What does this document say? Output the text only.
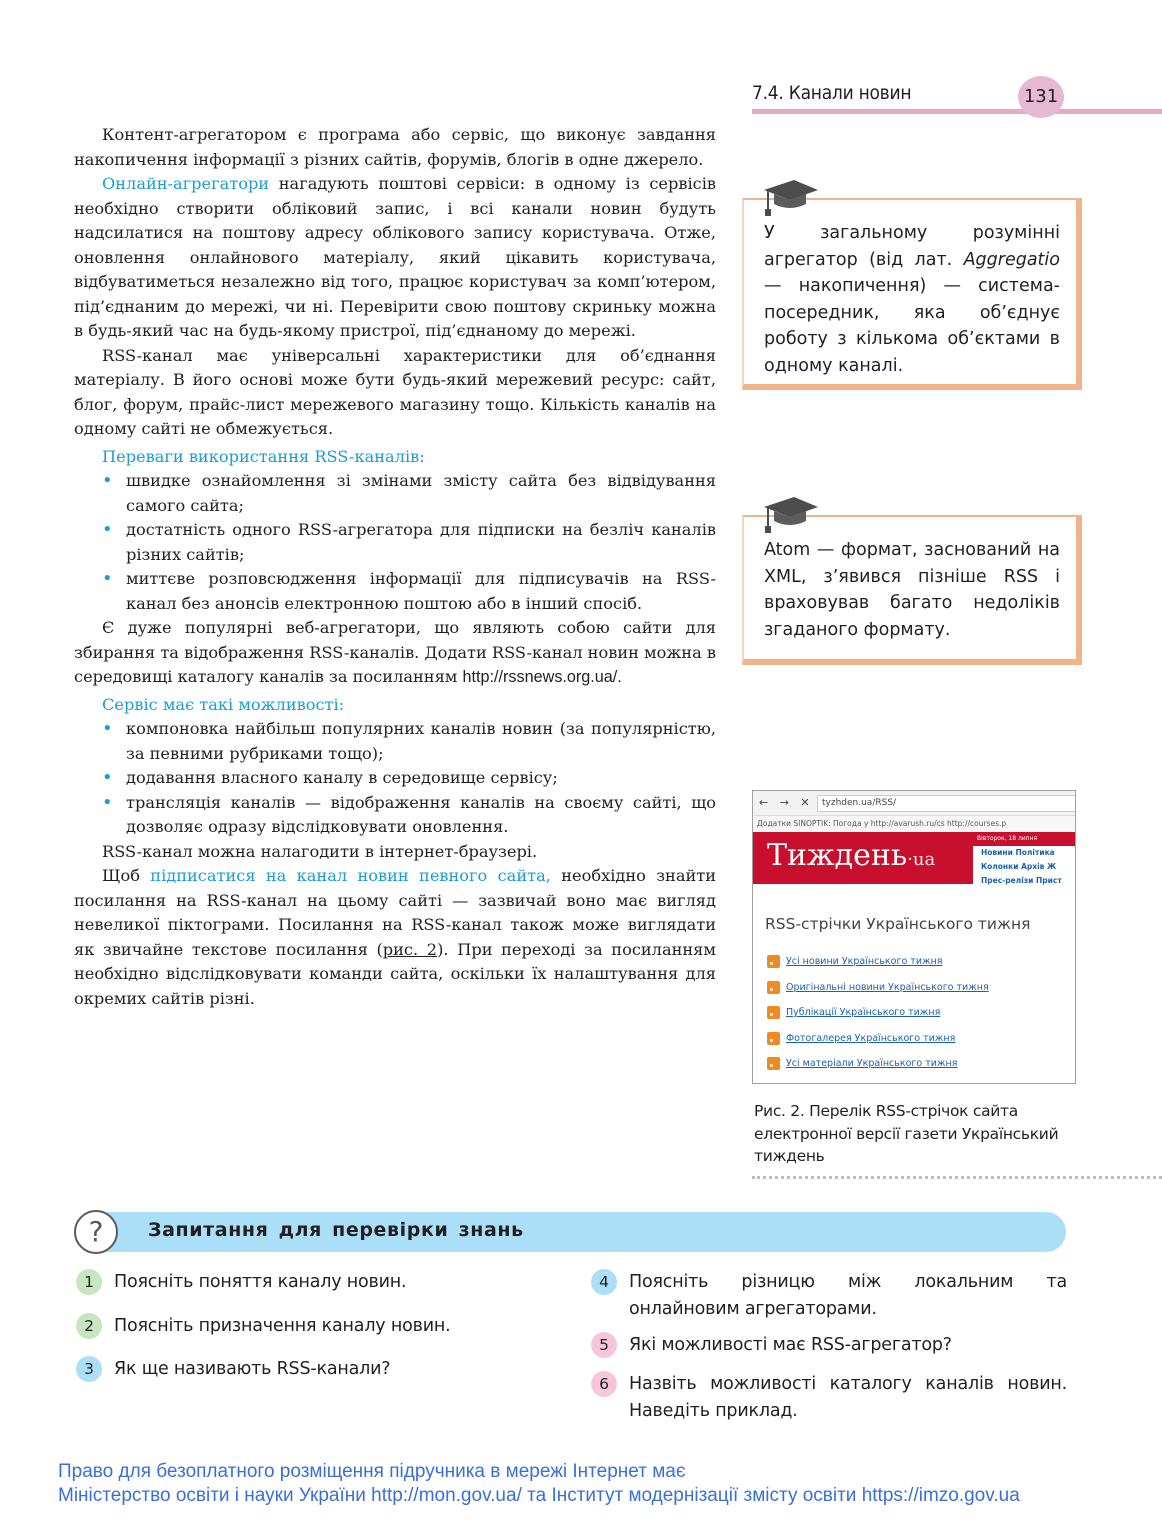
7.4. Канали новин	131

Контент-агрегатором є програма або сервіс, що виконує завдання накопичення інформації з різних сайтів, форумів, блогів в одне джерело.

Онлайн-агрегатори нагадують поштові сервіси: в одному із сервісів необхідно створити обліковий запис, і всі канали новин будуть надсилатися на поштову адресу облікового запису користувача. Отже, оновлення онлайнового матеріалу, який цікавить користувача, відбуватиметься незалежно від того, працює користувач за комп’ютером, під’єднаним до мережі, чи ні. Перевірити свою поштову скриньку можна в будь-який час на будь-якому пристрої, під’єднаному до мережі.

RSS-канал має універсальні характеристики для об’єднання матеріалу. В його основі може бути будь-який мережевий ресурс: сайт, блог, форум, прайс-лист мережевого магазину тощо. Кількість каналів на одному сайті не обмежується.

Переваги використання RSS-каналів:

• швидке ознайомлення зі змінами змісту сайта без відвідування самого сайта;
• достатність одного RSS-агрегатора для підписки на безліч каналів різних сайтів;
• миттєве розповсюдження інформації для підписувачів на RSS-канал без анонсів електронною поштою або в інший спосіб.

Є дуже популярні веб-агрегатори, що являють собою сайти для збирання та відображення RSS-каналів. Додати RSS-канал новин можна в середовищі каталогу каналів за посиланням http://rssnews.org.ua/.

Сервіс має такі можливості:

• компоновка найбільш популярних каналів новин (за популярністю, за певними рубриками тощо);
• додавання власного каналу в середовище сервісу;
• трансляція каналів — відображення каналів на своєму сайті, що дозволяє одразу відслідковувати оновлення.

RSS-канал можна налагодити в інтернет-браузері.

Щоб підписатися на канал новин певного сайта, необхідно знайти посилання на RSS-канал на цьому сайті — зазвичай воно має вигляд невеликої піктограми. Посилання на RSS-канал також може виглядати як звичайне текстове посилання (рис. 2). При переході за посиланням необхідно відслідковувати команди сайта, оскільки їх налаштування для окремих сайтів різні.

У загальному розумінні агрегатор (від лат. Aggregatio — накопичення) — система-посередник, яка об’єднує роботу з кількома об’єктами в одному каналі.
Atom — формат, заснований на XML, з’явився пізніше RSS і враховував багато недоліків згаданого формату.
← → ✕ tyzhden.ua/RSS/
Додатки SINOPTIK: Погода у http://avarush.ru/cs http://courses.p
Тиждень·ua
Вівторок, 18 липня
Новини Політика
Колонки Архів Ж
Прес-релізи Прист
RSS-стрічки Українського тижня
Усі новини Українського тижня
Оригінальні новини Українського тижня
Публікації Українського тижня
Фотогалерея Українського тижня
Усі матеріали Українського тижня
Рис. 2. Перелік RSS-стрічок сайта електронної версії газети Український тиждень
?	Запитання для перевірки знань
1	Поясніть поняття каналу новин.
2	Поясніть призначення каналу новин.
3	Як ще називають RSS-канали?
4	Поясніть різницю між локальним та онлайновим агрегаторами.
5	Які можливості має RSS-агрегатор?
6	Назвіть можливості каталогу каналів новин. Наведіть приклад.
Право для безоплатного розміщення підручника в мережі Інтернет має
Міністерство освіти і науки України http://mon.gov.ua/ та Інститут модернізації змісту освіти https://imzo.gov.ua
